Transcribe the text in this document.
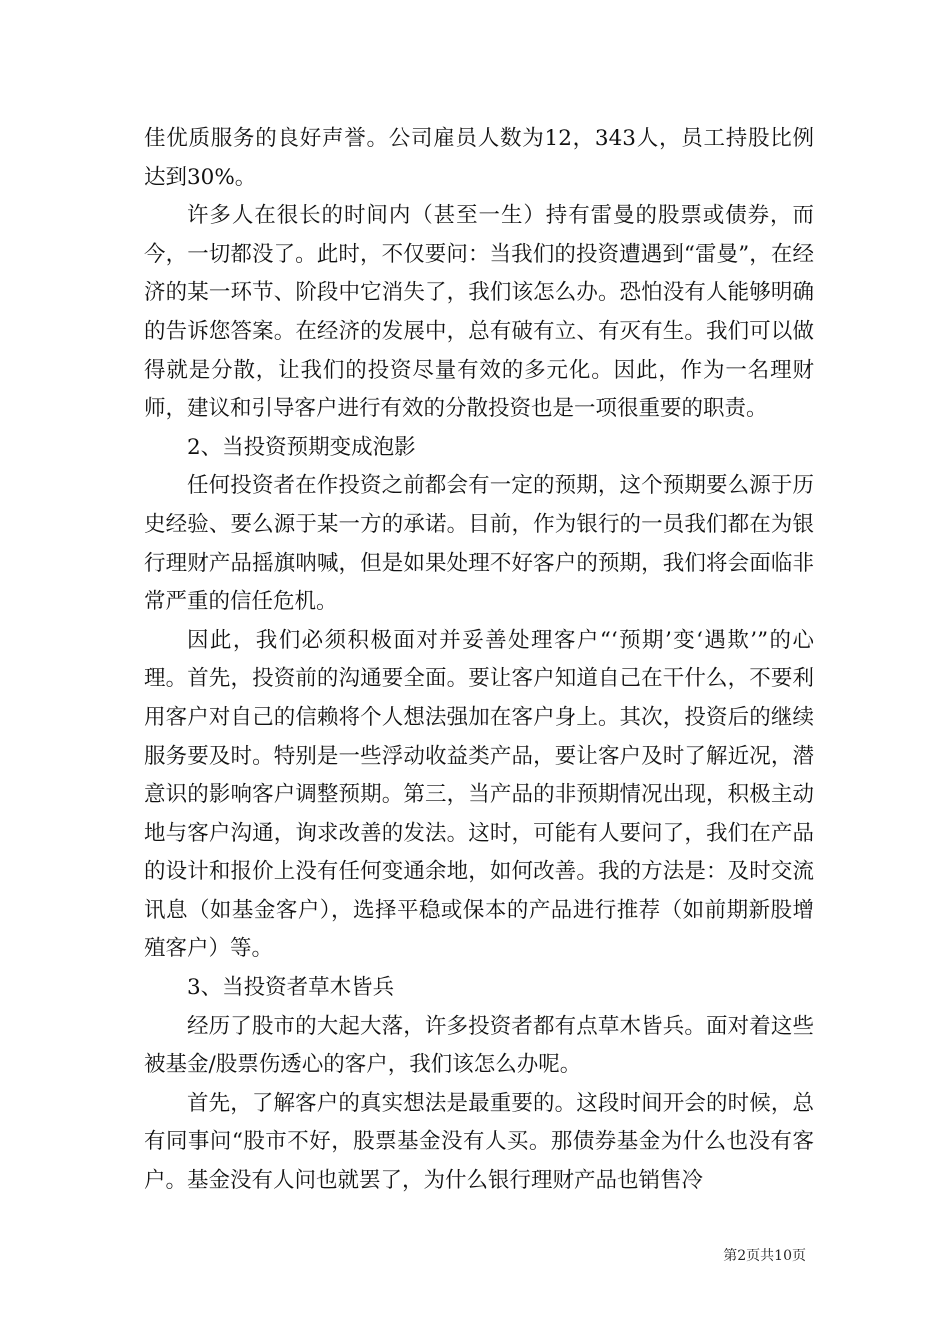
佳优质服务的良好声誉。公司雇员人数为12，343人，员工持股比例达到30%。

许多人在很长的时间内（甚至一生）持有雷曼的股票或债券，而今，一切都没了。此时，不仅要问：当我们的投资遭遇到“雷曼”，在经济的某一环节、阶段中它消失了，我们该怎么办。恐怕没有人能够明确的告诉您答案。在经济的发展中，总有破有立、有灭有生。我们可以做得就是分散，让我们的投资尽量有效的多元化。因此，作为一名理财师，建议和引导客户进行有效的分散投资也是一项很重要的职责。

2、当投资预期变成泡影

任何投资者在作投资之前都会有一定的预期，这个预期要么源于历史经验、要么源于某一方的承诺。目前，作为银行的一员我们都在为银行理财产品摇旗呐喊，但是如果处理不好客户的预期，我们将会面临非常严重的信任危机。

因此，我们必须积极面对并妥善处理客户“‘预期’变‘遇欺’”的心理。首先，投资前的沟通要全面。要让客户知道自己在干什么，不要利用客户对自己的信赖将个人想法强加在客户身上。其次，投资后的继续服务要及时。特别是一些浮动收益类产品，要让客户及时了解近况，潜意识的影响客户调整预期。第三，当产品的非预期情况出现，积极主动地与客户沟通，询求改善的发法。这时，可能有人要问了，我们在产品的设计和报价上没有任何变通余地，如何改善。我的方法是：及时交流讯息（如基金客户），选择平稳或保本的产品进行推荐（如前期新股增殖客户）等。

3、当投资者草木皆兵

经历了股市的大起大落，许多投资者都有点草木皆兵。面对着这些被基金/股票伤透心的客户，我们该怎么办呢。

首先，了解客户的真实想法是最重要的。这段时间开会的时候，总有同事问“股市不好，股票基金没有人买。那债券基金为什么也没有客户。基金没有人问也就罢了，为什么银行理财产品也销售冷

第2页共10页
